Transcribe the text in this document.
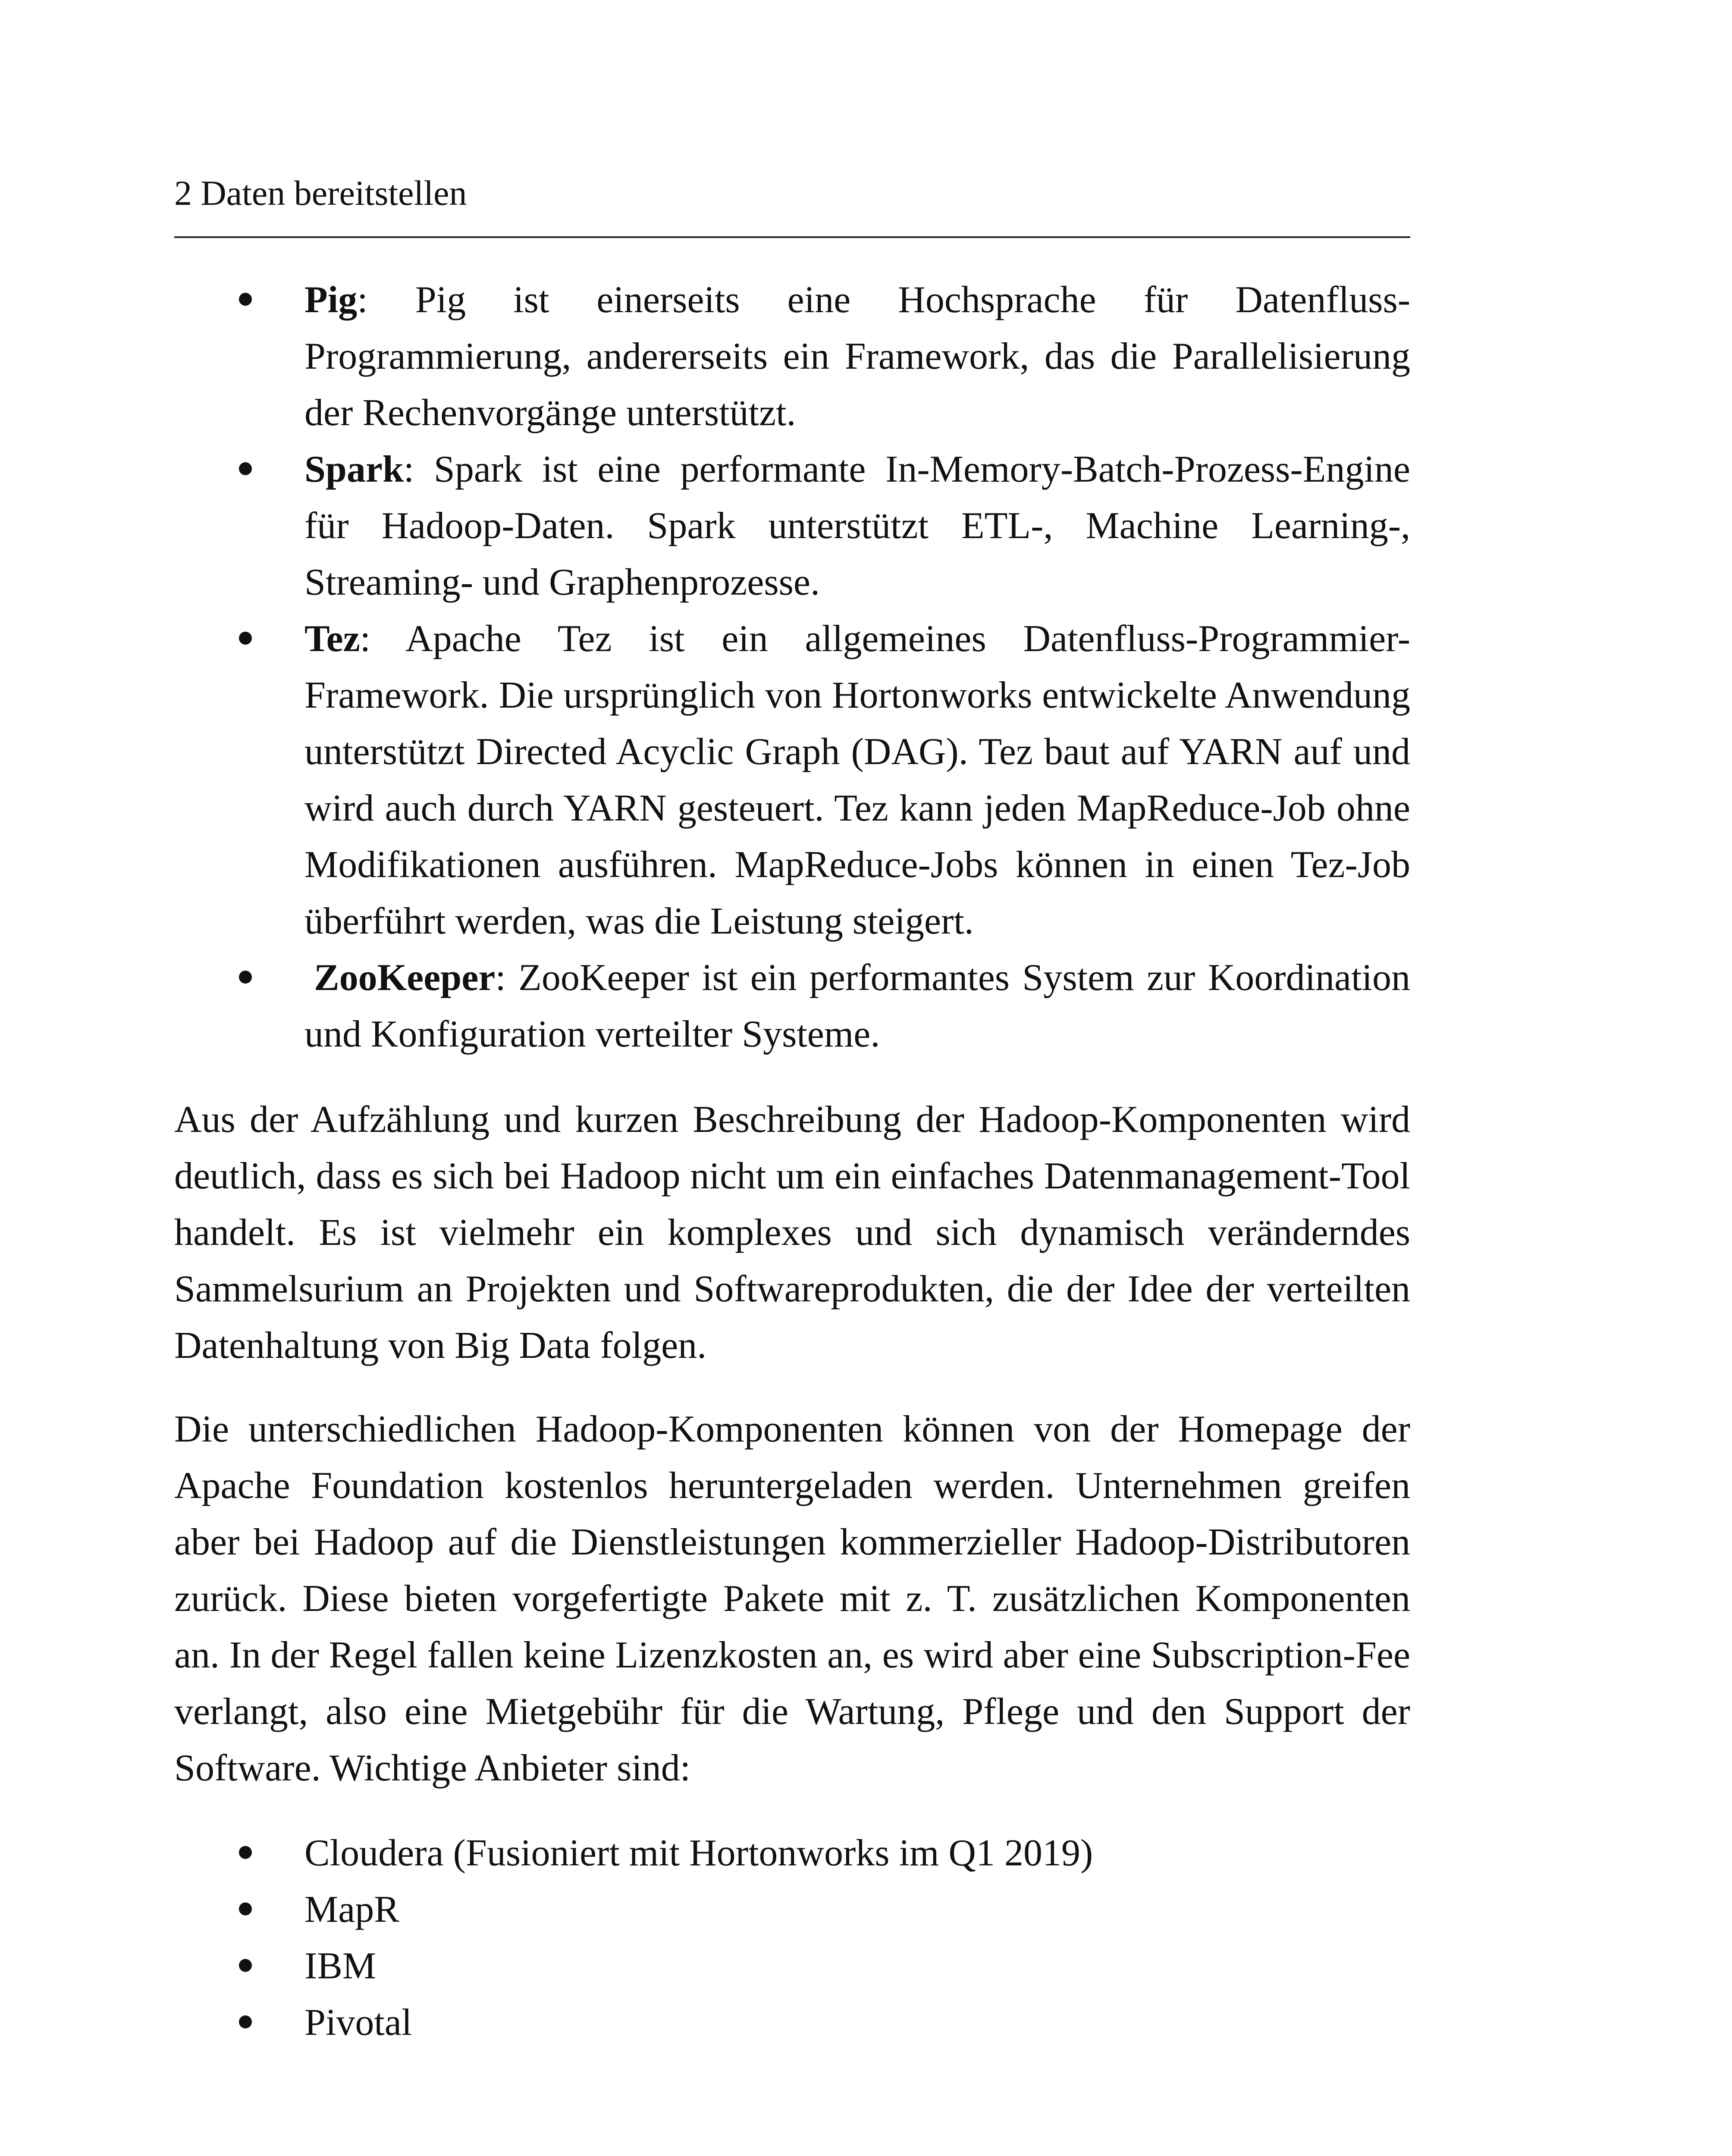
2 Daten bereitstellen
Pig: Pig ist einerseits eine Hochsprache für Datenfluss-Programmierung, andererseits ein Framework, das die Parallelisierung der Rechenvorgänge unterstützt.
Spark: Spark ist eine performante In-Memory-Batch-Prozess-Engine für Hadoop-Daten. Spark unterstützt ETL-, Machine Learning-, Streaming- und Graphenprozesse.
Tez: Apache Tez ist ein allgemeines Datenfluss-Programmier-Framework. Die ursprünglich von Hortonworks entwickelte Anwendung unterstützt Directed Acyclic Graph (DAG). Tez baut auf YARN auf und wird auch durch YARN gesteuert. Tez kann jeden MapReduce-Job ohne Modifikationen ausführen. MapReduce-Jobs können in einen Tez-Job überführt werden, was die Leistung steigert.
ZooKeeper: ZooKeeper ist ein performantes System zur Koordination und Konfiguration verteilter Systeme.

Aus der Aufzählung und kurzen Beschreibung der Hadoop-Komponenten wird deutlich, dass es sich bei Hadoop nicht um ein einfaches Datenmanagement-Tool handelt. Es ist vielmehr ein komplexes und sich dynamisch veränderndes Sammelsurium an Projekten und Softwareprodukten, die der Idee der verteilten Datenhaltung von Big Data folgen.

Die unterschiedlichen Hadoop-Komponenten können von der Homepage der Apache Foundation kostenlos heruntergeladen werden. Unternehmen greifen aber bei Hadoop auf die Dienstleistungen kommerzieller Hadoop-Distributoren zurück. Diese bieten vorgefertigte Pakete mit z. T. zusätzlichen Komponenten an. In der Regel fallen keine Lizenzkosten an, es wird aber eine Subscription-Fee verlangt, also eine Mietgebühr für die Wartung, Pflege und den Support der Software. Wichtige Anbieter sind:

Cloudera (Fusioniert mit Hortonworks im Q1 2019)
MapR
IBM
Pivotal
